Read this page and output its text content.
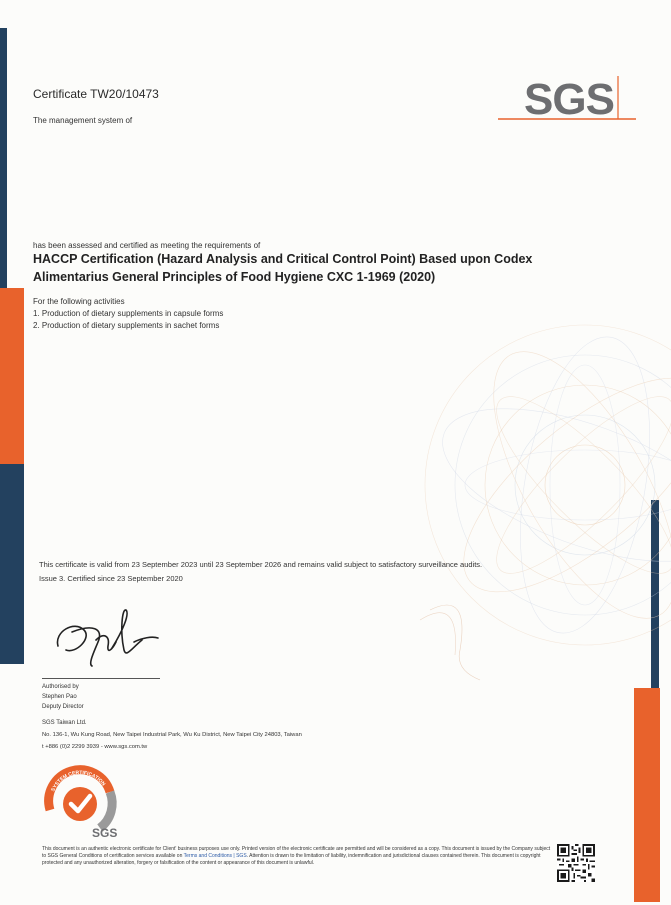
SGS
Certificate TW20/10473
The management system of
has been assessed and certified as meeting the requirements of
HACCP Certification (Hazard Analysis and Critical Control Point) Based upon Codex
Alimentarius General Principles of Food Hygiene CXC 1-1969 (2020)
For the following activities
1. Production of dietary supplements in capsule forms
2. Production of dietary supplements in sachet forms
This certificate is valid from 23 September 2023 until 23 September 2026 and remains valid subject to satisfactory surveillance audits.
Issue 3. Certified since 23 September 2020
Authorised by
Stephen Pao
Deputy Director
SGS Taiwan Ltd.
No. 136-1, Wu Kung Road, New Taipei Industrial Park, Wu Ku District, New Taipei City 24803, Taiwan
t +886 (0)2 2299 3939 - www.sgs.com.tw
SYSTEM CERTIFICATION
SGS
This document is an authentic electronic certificate for Client' business purposes use only. Printed version of the electronic certificate are permitted and will be considered as a copy. This document is issued by the Company subject to SGS General Conditions of certification services available on Terms and Conditions | SGS. Attention is drawn to the limitation of liability, indemnification and jurisdictional clauses contained therein. This document is copyright protected and any unauthorized alteration, forgery or falsification of the content or appearance of this document is unlawful.
